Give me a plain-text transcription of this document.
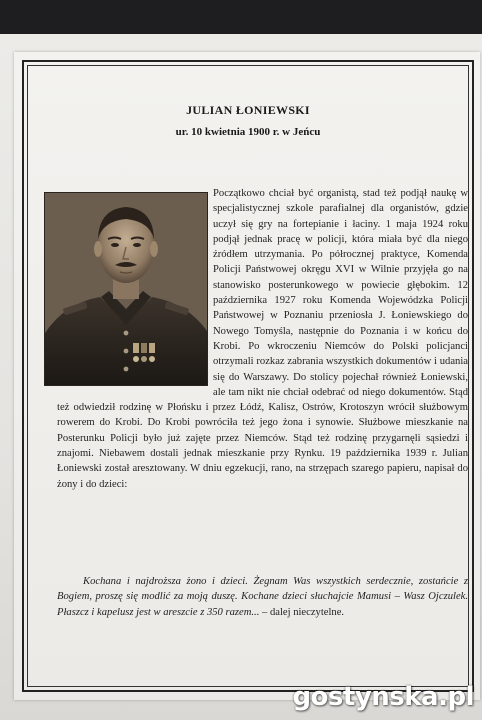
JULIAN ŁONIEWSKI
ur. 10 kwietnia 1900 r. w Jeńcu

Początkowo chciał być organistą, stad też podjął naukę w specjalistycznej szkole parafialnej dla organistów, gdzie uczył się gry na fortepianie i łaciny. 1 maja 1924 roku podjął jednak pracę w policji, która miała być dla niego źródłem utrzymania. Po półrocznej praktyce, Komenda Policji Państwowej okręgu XVI w Wilnie przyjęła go na stanowisko posterunkowego w powiecie głębokim. 12 października 1927 roku Komenda Wojewódzka Policji Państwowej w Poznaniu przeniosła J. Łoniewskiego do Nowego Tomyśla, następnie do Poznania i w końcu do Krobi. Po wkroczeniu Niemców do Polski policjanci otrzymali rozkaz zabrania wszystkich dokumentów i udania się do Warszawy. Do stolicy pojechał również Łoniewski, ale tam nikt nie chciał odebrać od niego dokumentów. Stąd też odwiedził rodzinę w Płońsku i przez Łódź, Kalisz, Ostrów, Krotoszyn wrócił służbowym rowerem do Krobi. Do Krobi powróciła też jego żona i synowie. Służbowe mieszkanie na Posterunku Policji było już zajęte przez Niemców. Stąd też rodzinę przygarnęli sąsiedzi i znajomi. Niebawem dostali jednak mieszkanie przy Rynku. 19 października 1939 r. Julian Łoniewski został aresztowany. W dniu egzekucji, rano, na strzępach szarego papieru, napisał do żony i do dzieci:

Kochana i najdroższa żono i dzieci. Żegnam Was wszystkich serdecznie, zostańcie z Bogiem, proszę się modlić za moją duszę. Kochane dzieci słuchajcie Mamusi – Wasz Ojczulek. Płaszcz i kapelusz jest w areszcie z 350 razem... – dalej nieczytelne.
gostynska.pl
